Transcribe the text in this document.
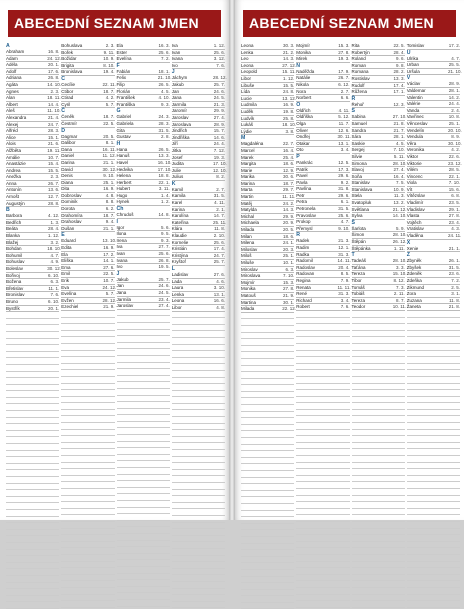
ABECEDNÍ SEZNAM JMEN
A
Abraham	16. 8.
Adam	24. 12.
Adéla	20. 1.
Adolf	17. 6.
Adriana	26. 8.
Agáta	14. 10.
Agnes	2. 3.
Alan	18. 11.
Albert	14. 4.
Aleš	11. 10.
Alexandra	21. 4.
Alexej	24. 7.
Alfréd	28. 3.
Alice	15. 1.
Alois	21. 6.
Alžběta	19. 11.
Amálie	10. 7.
Anastázie	15. 4.
Andrea	15. 5.
Anežka	2. 3.
Anna	26. 7.
Antonín	13. 6.
Arnošt	12. 7.
Augustýn	28. 8.
B
Barbora	4. 12.
Bedřich	1. 3.
Beáta	28. 4.
Blanka	1. 12.
Blažej	3. 2.
Bohdan	18. 10.
Bohumil	4. 7.
Bohuslav	4. 9.
Boleslav	30. 12.
Bořivoj	6. 10.
Božena	6. 3.
Břetislav	11. 1.
Bronislav	7. 6.
Bruno	6. 10.
Bystřík	20. 1.
Bohuslava	2. 3.
Bořek	9. 11.
Božidar	10. 9.
Brigita	8. 10.
Bronislava	19. 4.
C
Cecílie	22. 11.
Ctibor	18. 7.
Ctirad	4. 2.
Cyril	5. 7.
Č
Čeněk	18. 7.
Čestmír	22. 5.
D
Dagmar	20. 5.
Dalibor	8. 1.
Dana	16. 11.
Daniel	11. 12.
Darina	21. 1.
David	30. 12.
Denis	9. 10.
Diana	25. 1.
Dita	16. 9.
Dobroslav	4. 8.
Dominik	8. 8.
Dorota	6. 2.
Drahomíra	18. 7.
Drahoslav	9. 4.
Dušan	21. 1.
E
Eduard	13. 10.
Edita	16. 9.
Ela	17. 2.
Eliška	14. 1.
Ema	27. 6.
Emil	22. 5.
Erik	10. 7.
Eva	24. 12.
Evelína	5. 7.
Evžen	28. 12.
Ezechiel	21. 9.
Ela	16. 3.
Ester	25. 6.
Evelína	7. 2.
F
Fabián	18. 1.
Felix	21. 10.
Filip	26. 5.
Florián	4. 5.
František	4. 10.
Františka	9. 3.
G
Gabriel	24. 3.
Gabriela	28. 3.
Gita	31. 5.
Gustav	2. 8.
H
Hana	26. 5.
Hanuš	13. 3.
Havel	16. 10.
Hedvika	17. 10.
Helena	18. 8.
Herbert	22. 1.
Hubert	3. 11.
Hugo	1. 4.
Hynek	1. 2.
Ch
Chrudoš	14. 8.
I
Igor	5. 6.
Ilona	9. 5.
Irena	9. 3.
Iva	27. 7.
Ivan	25. 6.
Ivana	26. 8.
Ivo	19. 5.
J
Jakub	25. 7.
Jan	24. 6.
Jana	24. 5.
Jarmila	23. 4.
Jaroslav	27. 4.
Iva	1. 12.
Ivan	25. 6.
Ivana	3. 12.
Ivo	7. 6.
J
Jáchym	28. 12.
Jakub	25. 7.
Jan	24. 6.
Jana	24. 5.
Jarmila	21. 3.
Jaromír	29. 9.
Jaroslav	27. 4.
Jaroslava	28. 9.
Jindřich	15. 7.
Jindřiška	14. 6.
Jiří	24. 4.
Jitka	7. 12.
Josef	19. 3.
Judita	17. 10.
Julie	12. 10.
Julius	8. 2.
K
Kamil	2. 7.
Kamila	31. 5.
Karel	4. 11.
Karina	2. 1.
Karolína	14. 7.
Kateřina	25. 11.
Klára	11. 8.
Klaudie	2. 10.
Kornelie	25. 6.
Kristián	17. 4.
Kristýna	24. 7.
Kryštof	25. 7.
L
Ladislav	27. 6.
Lada	4. 6.
Laura	3. 10.
Lenka	13. 1.
Leona	16. 6.
Libor	4. 8.
ABECEDNÍ SEZNAM JMEN
Leona	30. 3.
Lenka	21. 2.
Leo	14. 3.
Leona	27. 12.
Leopold	15. 11.
Libor	1. 12.
Libuše	15. 5.
Lída	24. 8.
Lucie	13. 12.
Ludmila	16. 9.
Luděk	19. 8.
Ludvík	25. 8.
Lukáš	18. 10.
Lýdie	3. 8.
M
Magdaléna	22. 7.
Marcel	16. 4.
Marek	25. 4.
Margita	18. 6.
Marie	12. 9.
Marika	30. 6.
Marina	18. 7.
Marta	29. 7.
Martin	11. 11.
Matěj	24. 2.
Matylda	14. 3.
Michal	29. 9.
Michaela	20. 9.
Milada	20. 5.
Milan	18. 6.
Milena	24. 1.
Miloslav	20. 3.
Miloš	25. 1.
Miluše	10. 1.
Miroslav	6. 3.
Miroslava	7. 10.
Mojmír	15. 3.
Monika	27. 8.
Matouš	21. 9.
Martina	30. 1.
Milada	22. 12.
Mojmír	15. 3.
Monika	27. 8.
Mirek	19. 3.
N
Naděžda	17. 9.
Natálie	26. 7.
Nikola	6. 12.
Nora	2. 7.
Norbert	6. 6.
O
Oldřich	4. 11.
Oldřiška	5. 12.
Olga	11. 7.
Oliver	12. 6.
Ondřej	30. 11.
Otakar	13. 1.
Oto	3. 4.
P
Pankrác	12. 5.
Patrik	17. 3.
Pavel	29. 6.
Pavla	9. 2.
Pavlína	31. 8.
Petr	29. 6.
Petra	6. 1.
Petronela	31. 5.
Pravoslav	25. 6.
Prokop	4. 7.
Přemysl	9. 10.
R
Radek	21. 3.
Radim	12. 1.
Radka	31. 3.
Radomil	14. 11.
Radoslav	20. 4.
Radovan	8. 5.
Regina	7. 9.
Renata	11. 11.
René	31. 3.
Richard	3. 4.
Robert	7. 6.
Rita	22. 5.
Robertýn	28. 4.
Roland	9. 6.
Roman	9. 8.
Romana	28. 2.
Rostislav	13. 3.
Rudolf	17. 4.
Růžena	17. 1.
Ř
Řehoř	12. 3.
S
Sabina	27. 10.
Samuel	21. 8.
Sandra	21. 7.
Sára	28. 1.
Saskie	4. 5.
Sergej	7. 10.
Silvie	5. 11.
Simona	28. 10.
Slavoj	27. 4.
Soňa	16. 4.
Stanislav	7. 5.
Stanislava	10. 9.
Stela	11. 3.
Svatopluk	13. 2.
Světlana	21. 12.
Sylva	14. 10.
Š
Šarlota	5. 9.
Šimon	28. 10.
Štěpán	26. 12.
Štěpánka	1. 11.
T
Tadeáš	28. 10.
Taťána	3. 3.
Tereza	15. 10.
Tibor	8. 12.
Tomáš	7. 3.
Tobiáš	2. 11.
Tereza	8. 7.
Teodor	10. 11.
Tomislav	17. 2.
U
Ulrika	4. 7.
Urban	25. 5.
Uršula	21. 10.
V
Václav	28. 9.
Valdemar	28. 1.
Valentin	14. 2.
Valérie	24. 4.
Vanda	2. 4.
Vavřinec	10. 8.
Věnceslav	25. 1.
Vendelín	20. 10.
Vendula	8. 9.
Věra	30. 10.
Veronika	4. 2.
Viktor	22. 6.
Viktorie	23. 12.
Vilém	28. 5.
Vincenc	22. 1.
Viola	7. 10.
Vít	15. 6.
Vítězslav	6. 8.
Vladimír	23. 5.
Vladislav	29. 1.
Vlasta	27. 8.
Vojtěch	23. 4.
Vratislav	4. 3.
Vladěna	24. 11.
X
Xenie	21. 1.
Z
Zbyněk	26. 1.
Zbyšek	31. 5.
Zdeněk	23. 6.
Zdeňka	7. 2.
Zikmund	2. 5.
Zora	3. 1.
Zuzana	11. 8.
Žaneta	21. 8.
